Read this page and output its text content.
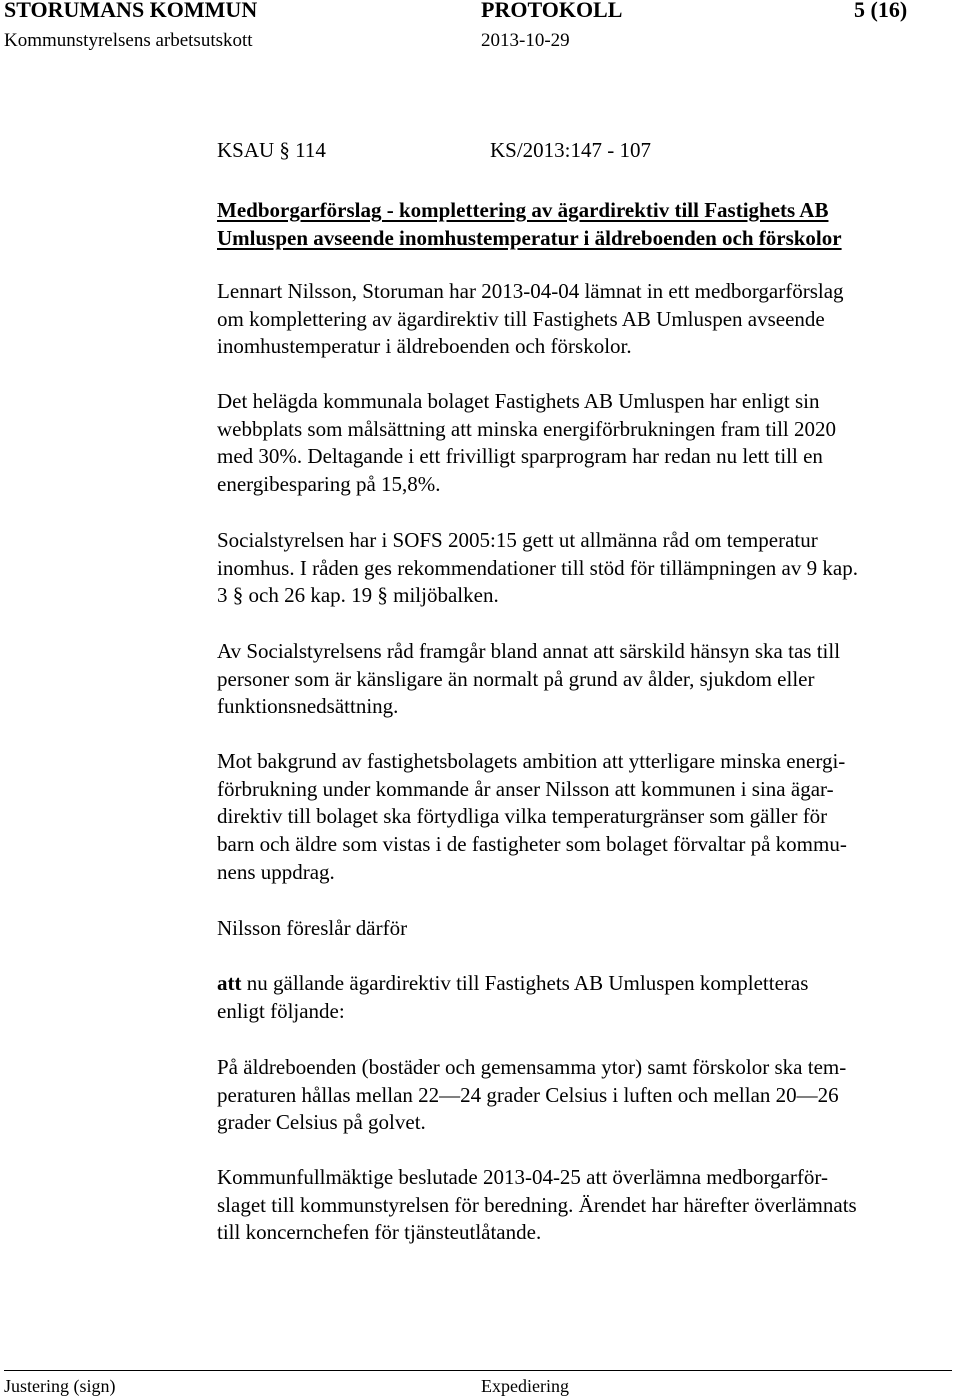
STORUMANS KOMMUN	PROTOKOLL	5 (16)
Kommunstyrelsens arbetsutskott	2013-10-29
KSAU § 114	KS/2013:147 - 107
Medborgarförslag - komplettering av ägardirektiv till Fastighets AB
Umluspen avseende inomhustemperatur i äldreboenden och förskolor
Lennart Nilsson, Storuman har 2013-04-04 lämnat in ett medborgarförslag
om komplettering av ägardirektiv till Fastighets AB Umluspen avseende
inomhustemperatur i äldreboenden och förskolor.
Det helägda kommunala bolaget Fastighets AB Umluspen har enligt sin
webbplats som målsättning att minska energiförbrukningen fram till 2020
med 30%. Deltagande i ett frivilligt sparprogram har redan nu lett till en
energibesparing på 15,8%.
Socialstyrelsen har i SOFS 2005:15 gett ut allmänna råd om temperatur
inomhus. I råden ges rekommendationer till stöd för tillämpningen av 9 kap.
3 § och 26 kap. 19 § miljöbalken.
Av Socialstyrelsens råd framgår bland annat att särskild hänsyn ska tas till
personer som är känsligare än normalt på grund av ålder, sjukdom eller
funktionsnedsättning.
Mot bakgrund av fastighetsbolagets ambition att ytterligare minska energi-
förbrukning under kommande år anser Nilsson att kommunen i sina ägar-
direktiv till bolaget ska förtydliga vilka temperaturgränser som gäller för
barn och äldre som vistas i de fastigheter som bolaget förvaltar på kommu-
nens uppdrag.
Nilsson föreslår därför
att nu gällande ägardirektiv till Fastighets AB Umluspen kompletteras
enligt följande:
På äldreboenden (bostäder och gemensamma ytor) samt förskolor ska tem-
peraturen hållas mellan 22—24 grader Celsius i luften och mellan 20—26
grader Celsius på golvet.
Kommunfullmäktige beslutade 2013-04-25 att överlämna medborgarför-
slaget till kommunstyrelsen för beredning. Ärendet har härefter överlämnats
till koncernchefen för tjänsteutlåtande.
Justering (sign)	Expediering
